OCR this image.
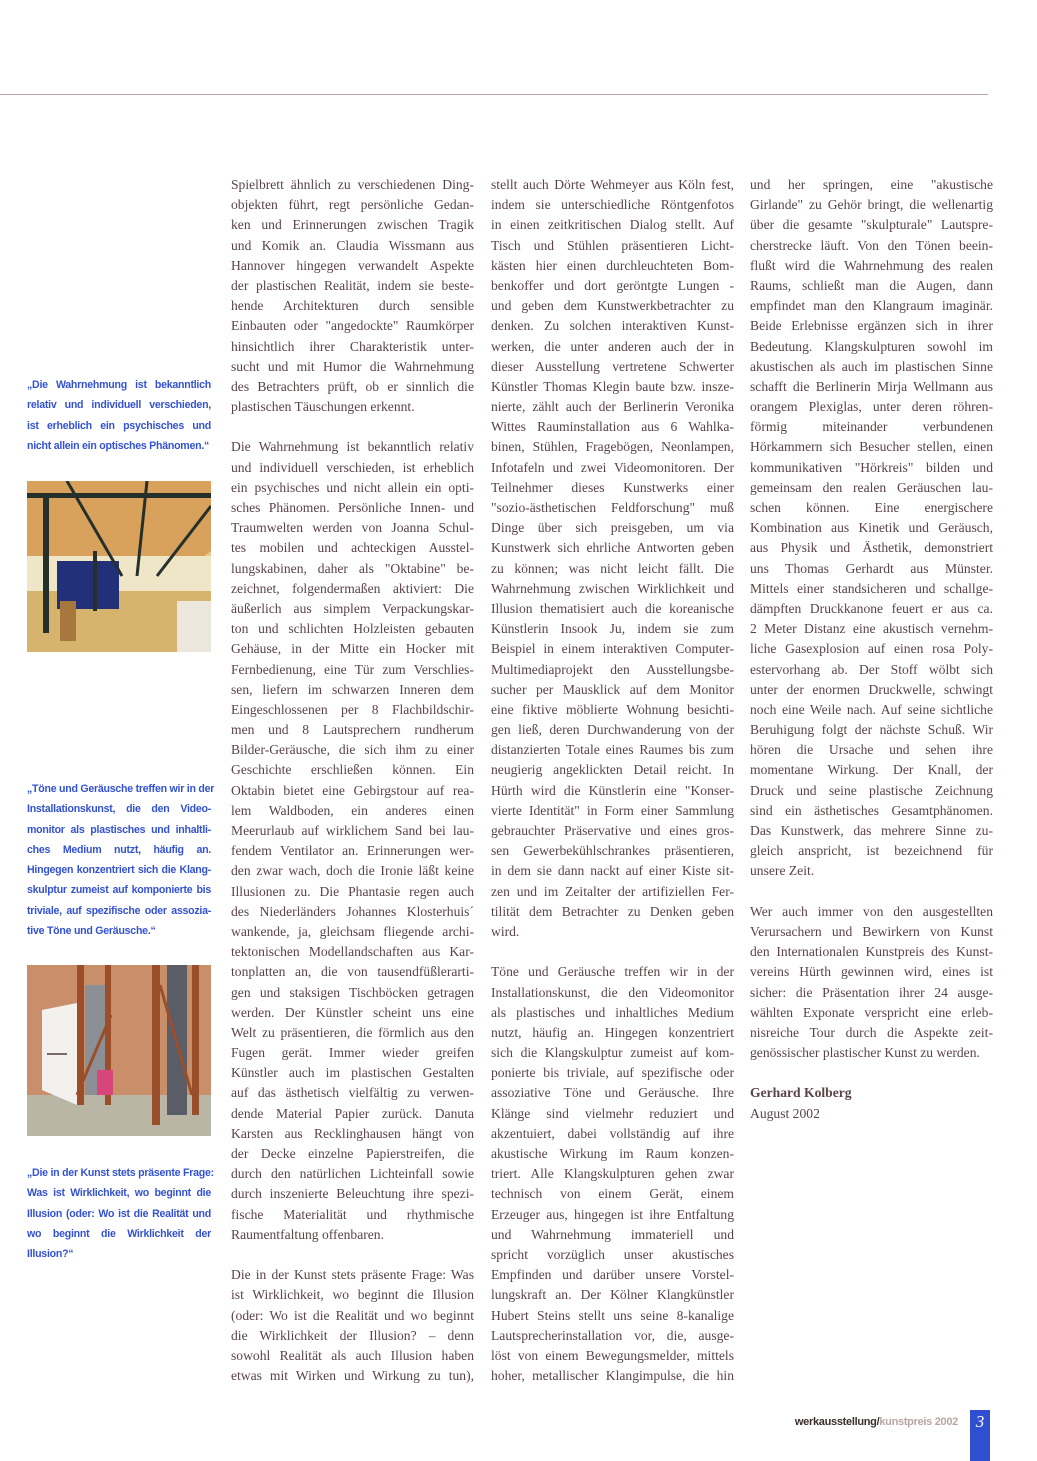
„Die Wahrnehmung ist bekanntlich
relativ und individuell verschieden,
ist erheblich ein psychisches und
nicht allein ein optisches Phänomen.“
„Töne und Geräusche treffen wir in der
Installationskunst, die den Video-
monitor als plastisches und inhaltli-
ches Medium nutzt, häufig an.
Hingegen konzentriert sich die Klang-
skulptur zumeist auf komponierte bis
triviale, auf spezifische oder assozia-
tive Töne und Geräusche.“
„Die in der Kunst stets präsente Frage:
Was ist Wirklichkeit, wo beginnt die
Illusion (oder: Wo ist die Realität und
wo beginnt die Wirklichkeit der
Illusion?“
Spielbrett ähnlich zu verschiedenen Ding-
objekten führt, regt persönliche Gedan-
ken und Erinnerungen zwischen Tragik
und Komik an. Claudia Wissmann aus
Hannover hingegen verwandelt Aspekte
der plastischen Realität, indem sie beste-
hende Architekturen durch sensible
Einbauten oder "angedockte" Raumkörper
hinsichtlich ihrer Charakteristik unter-
sucht und mit Humor die Wahrnehmung
des Betrachters prüft, ob er sinnlich die
plastischen Täuschungen erkennt.
Die Wahrnehmung ist bekanntlich relativ
und individuell verschieden, ist erheblich
ein psychisches und nicht allein ein opti-
sches Phänomen. Persönliche Innen- und
Traumwelten werden von Joanna Schul-
tes mobilen und achteckigen Ausstel-
lungskabinen, daher als "Oktabine" be-
zeichnet, folgendermaßen aktiviert: Die
äußerlich aus simplem Verpackungskar-
ton und schlichten Holzleisten gebauten
Gehäuse, in der Mitte ein Hocker mit
Fernbedienung, eine Tür zum Verschlies-
sen, liefern im schwarzen Inneren dem
Eingeschlossenen per 8 Flachbildschir-
men und 8 Lautsprechern rundherum
Bilder-Geräusche, die sich ihm zu einer
Geschichte erschließen können. Ein
Oktabin bietet eine Gebirgstour auf rea-
lem Waldboden, ein anderes einen
Meerurlaub auf wirklichem Sand bei lau-
fendem Ventilator an. Erinnerungen wer-
den zwar wach, doch die Ironie läßt keine
Illusionen zu. Die Phantasie regen auch
des Niederländers Johannes Klosterhuis´
wankende, ja, gleichsam fliegende archi-
tektonischen Modellandschaften aus Kar-
tonplatten an, die von tausendfüßlerarti-
gen und staksigen Tischböcken getragen
werden. Der Künstler scheint uns eine
Welt zu präsentieren, die förmlich aus den
Fugen gerät. Immer wieder greifen
Künstler auch im plastischen Gestalten
auf das ästhetisch vielfältig zu verwen-
dende Material Papier zurück. Danuta
Karsten aus Recklinghausen hängt von
der Decke einzelne Papierstreifen, die
durch den natürlichen Lichteinfall sowie
durch inszenierte Beleuchtung ihre spezi-
fische Materialität und rhythmische
Raumentfaltung offenbaren.
Die in der Kunst stets präsente Frage: Was
ist Wirklichkeit, wo beginnt die Illusion
(oder: Wo ist die Realität und wo beginnt
die Wirklichkeit der Illusion? – denn
sowohl Realität als auch Illusion haben
etwas mit Wirken und Wirkung zu tun),
stellt auch Dörte Wehmeyer aus Köln fest,
indem sie unterschiedliche Röntgenfotos
in einen zeitkritischen Dialog stellt. Auf
Tisch und Stühlen präsentieren Licht-
kästen hier einen durchleuchteten Bom-
benkoffer und dort geröntgte Lungen -
und geben dem Kunstwerkbetrachter zu
denken. Zu solchen interaktiven Kunst-
werken, die unter anderen auch der in
dieser Ausstellung vertretene Schwerter
Künstler Thomas Klegin baute bzw. insze-
nierte, zählt auch der Berlinerin Veronika
Wittes Rauminstallation aus 6 Wahlka-
binen, Stühlen, Fragebögen, Neonlampen,
Infotafeln und zwei Videomonitoren. Der
Teilnehmer dieses Kunstwerks einer
"sozio-ästhetischen Feldforschung" muß
Dinge über sich preisgeben, um via
Kunstwerk sich ehrliche Antworten geben
zu können; was nicht leicht fällt. Die
Wahrnehmung zwischen Wirklichkeit und
Illusion thematisiert auch die koreanische
Künstlerin Insook Ju, indem sie zum
Beispiel in einem interaktiven Computer-
Multimediaprojekt den Ausstellungsbe-
sucher per Mausklick auf dem Monitor
eine fiktive möblierte Wohnung besichti-
gen ließ, deren Durchwanderung von der
distanzierten Totale eines Raumes bis zum
neugierig angeklickten Detail reicht. In
Hürth wird die Künstlerin eine "Konser-
vierte Identität" in Form einer Sammlung
gebrauchter Präservative und eines gros-
sen Gewerbekühlschrankes präsentieren,
in dem sie dann nackt auf einer Kiste sit-
zen und im Zeitalter der artifiziellen Fer-
tilität dem Betrachter zu Denken geben
wird.
Töne und Geräusche treffen wir in der
Installationskunst, die den Videomonitor
als plastisches und inhaltliches Medium
nutzt, häufig an. Hingegen konzentriert
sich die Klangskulptur zumeist auf kom-
ponierte bis triviale, auf spezifische oder
assoziative Töne und Geräusche. Ihre
Klänge sind vielmehr reduziert und
akzentuiert, dabei vollständig auf ihre
akustische Wirkung im Raum konzen-
triert. Alle Klangskulpturen gehen zwar
technisch von einem Gerät, einem
Erzeuger aus, hingegen ist ihre Entfaltung
und Wahrnehmung immateriell und
spricht vorzüglich unser akustisches
Empfinden und darüber unsere Vorstel-
lungskraft an. Der Kölner Klangkünstler
Hubert Steins stellt uns seine 8-kanalige
Lautsprecherinstallation vor, die, ausge-
löst von einem Bewegungsmelder, mittels
hoher, metallischer Klangimpulse, die hin
und her springen, eine "akustische
Girlande" zu Gehör bringt, die wellenartig
über die gesamte "skulpturale" Lautspre-
cherstrecke läuft. Von den Tönen beein-
flußt wird die Wahrnehmung des realen
Raums, schließt man die Augen, dann
empfindet man den Klangraum imaginär.
Beide Erlebnisse ergänzen sich in ihrer
Bedeutung. Klangskulpturen sowohl im
akustischen als auch im plastischen Sinne
schafft die Berlinerin Mirja Wellmann aus
orangem Plexiglas, unter deren röhren-
förmig miteinander verbundenen
Hörkammern sich Besucher stellen, einen
kommunikativen "Hörkreis" bilden und
gemeinsam den realen Geräuschen lau-
schen können. Eine energischere
Kombination aus Kinetik und Geräusch,
aus Physik und Ästhetik, demonstriert
uns Thomas Gerhardt aus Münster.
Mittels einer standsicheren und schallge-
dämpften Druckkanone feuert er aus ca.
2 Meter Distanz eine akustisch vernehm-
liche Gasexplosion auf einen rosa Poly-
estervorhang ab. Der Stoff wölbt sich
unter der enormen Druckwelle, schwingt
noch eine Weile nach. Auf seine sichtliche
Beruhigung folgt der nächste Schuß. Wir
hören die Ursache und sehen ihre
momentane Wirkung. Der Knall, der
Druck und seine plastische Zeichnung
sind ein ästhetisches Gesamtphänomen.
Das Kunstwerk, das mehrere Sinne zu-
gleich anspricht, ist bezeichnend für
unsere Zeit.
Wer auch immer von den ausgestellten
Verursachern und Bewirkern von Kunst
den Internationalen Kunstpreis des Kunst-
vereins Hürth gewinnen wird, eines ist
sicher: die Präsentation ihrer 24 ausge-
wählten Exponate verspricht eine erleb-
nisreiche Tour durch die Aspekte zeit-
genössischer plastischer Kunst zu werden.
Gerhard Kolberg
August 2002
werkausstellung/kunstpreis 2002	3
